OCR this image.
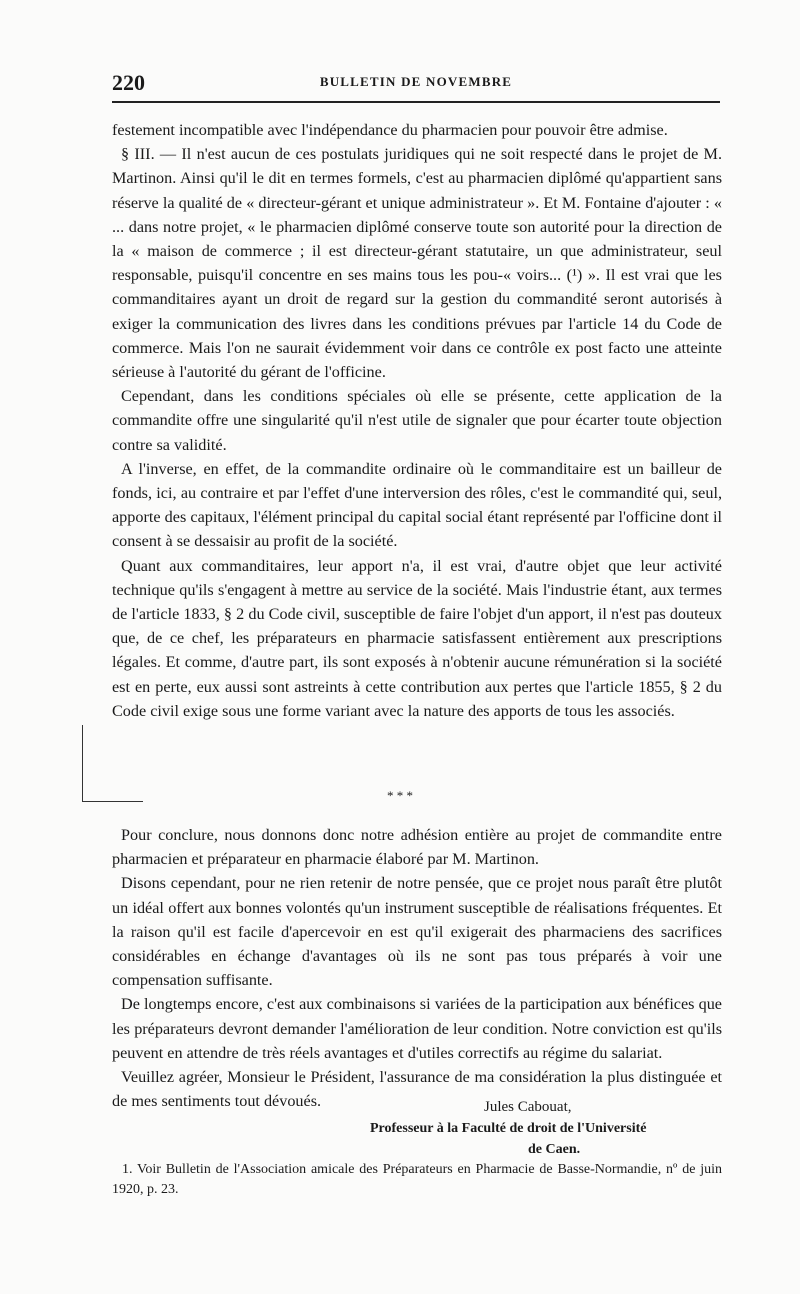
220	BULLETIN DE NOVEMBRE

festement incompatible avec l'indépendance du pharmacien pour pouvoir être admise.

§ III. — Il n'est aucun de ces postulats juridiques qui ne soit respecté dans le projet de M. Martinon. Ainsi qu'il le dit en termes formels, c'est au pharmacien diplômé qu'appartient sans réserve la qualité de « directeur-gérant et unique administrateur ». Et M. Fontaine d'ajouter : « ... dans notre projet, « le pharmacien diplômé conserve toute son autorité pour la direction de la « maison de commerce ; il est directeur-gérant statutaire, un que administrateur, seul responsable, puisqu'il concentre en ses mains tous les pou-« voirs... (¹) ». Il est vrai que les commanditaires ayant un droit de regard sur la gestion du commandité seront autorisés à exiger la communication des livres dans les conditions prévues par l'article 14 du Code de commerce. Mais l'on ne saurait évidemment voir dans ce contrôle ex post facto une atteinte sérieuse à l'autorité du gérant de l'officine.

Cependant, dans les conditions spéciales où elle se présente, cette application de la commandite offre une singularité qu'il n'est utile de signaler que pour écarter toute objection contre sa validité.

A l'inverse, en effet, de la commandite ordinaire où le commanditaire est un bailleur de fonds, ici, au contraire et par l'effet d'une interversion des rôles, c'est le commandité qui, seul, apporte des capitaux, l'élément principal du capital social étant représenté par l'officine dont il consent à se dessaisir au profit de la société.

Quant aux commanditaires, leur apport n'a, il est vrai, d'autre objet que leur activité technique qu'ils s'engagent à mettre au service de la société. Mais l'industrie étant, aux termes de l'article 1833, § 2 du Code civil, susceptible de faire l'objet d'un apport, il n'est pas douteux que, de ce chef, les préparateurs en pharmacie satisfassent entièrement aux prescriptions légales. Et comme, d'autre part, ils sont exposés à n'obtenir aucune rémunération si la société est en perte, eux aussi sont astreints à cette contribution aux pertes que l'article 1855, § 2 du Code civil exige sous une forme variant avec la nature des apports de tous les associés.

* * *

Pour conclure, nous donnons donc notre adhésion entière au projet de commandite entre pharmacien et préparateur en pharmacie élaboré par M. Martinon.

Disons cependant, pour ne rien retenir de notre pensée, que ce projet nous paraît être plutôt un idéal offert aux bonnes volontés qu'un instrument susceptible de réalisations fréquentes. Et la raison qu'il est facile d'apercevoir en est qu'il exigerait des pharmaciens des sacrifices considérables en échange d'avantages où ils ne sont pas tous préparés à voir une compensation suffisante.

De longtemps encore, c'est aux combinaisons si variées de la participation aux bénéfices que les préparateurs devront demander l'amélioration de leur condition. Notre conviction est qu'ils peuvent en attendre de très réels avantages et d'utiles correctifs au régime du salariat.

Veuillez agréer, Monsieur le Président, l'assurance de ma considération la plus distinguée et de mes sentiments tout dévoués.	Jules Cabouat,
Professeur à la Faculté de droit de l'Université
de Caen.

1. Voir Bulletin de l'Association amicale des Préparateurs en Pharmacie de Basse-Normandie, nº de juin 1920, p. 23.
